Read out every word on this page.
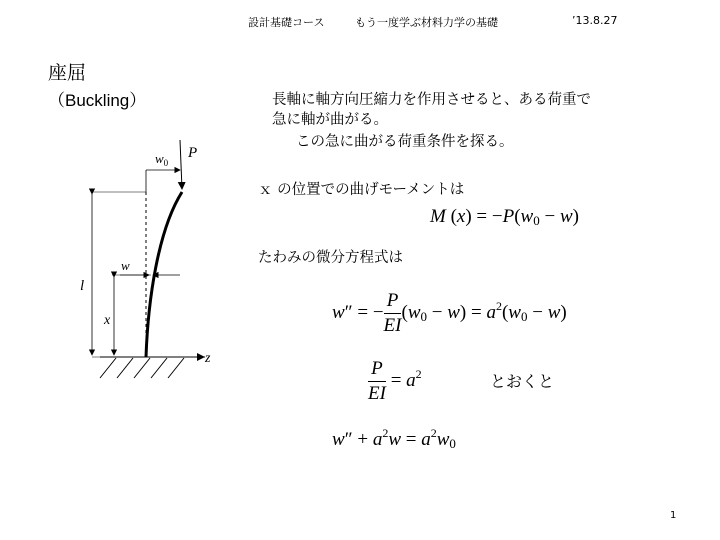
設計基礎コース	もう一度学ぶ材料力学の基礎	’13.8.27
座屈
（Buckling）	長軸に軸方向圧縮力を作用させると、ある荷重で
急に軸が曲がる。
この急に曲がる荷重条件を探る。
ｘ の位置での曲げモーメントは
M $(x) = -P(w_0 - w)$
たわみの微分方程式は
w″ = − $\frac{P}{EI} (w_0 - w) = a^2(w_0 - w)$
$\frac{P}{EI} = a^2$	とおくと
$w'' + a^2w = a^2w_0$
z
P
$w_0$
l
x
w
1
